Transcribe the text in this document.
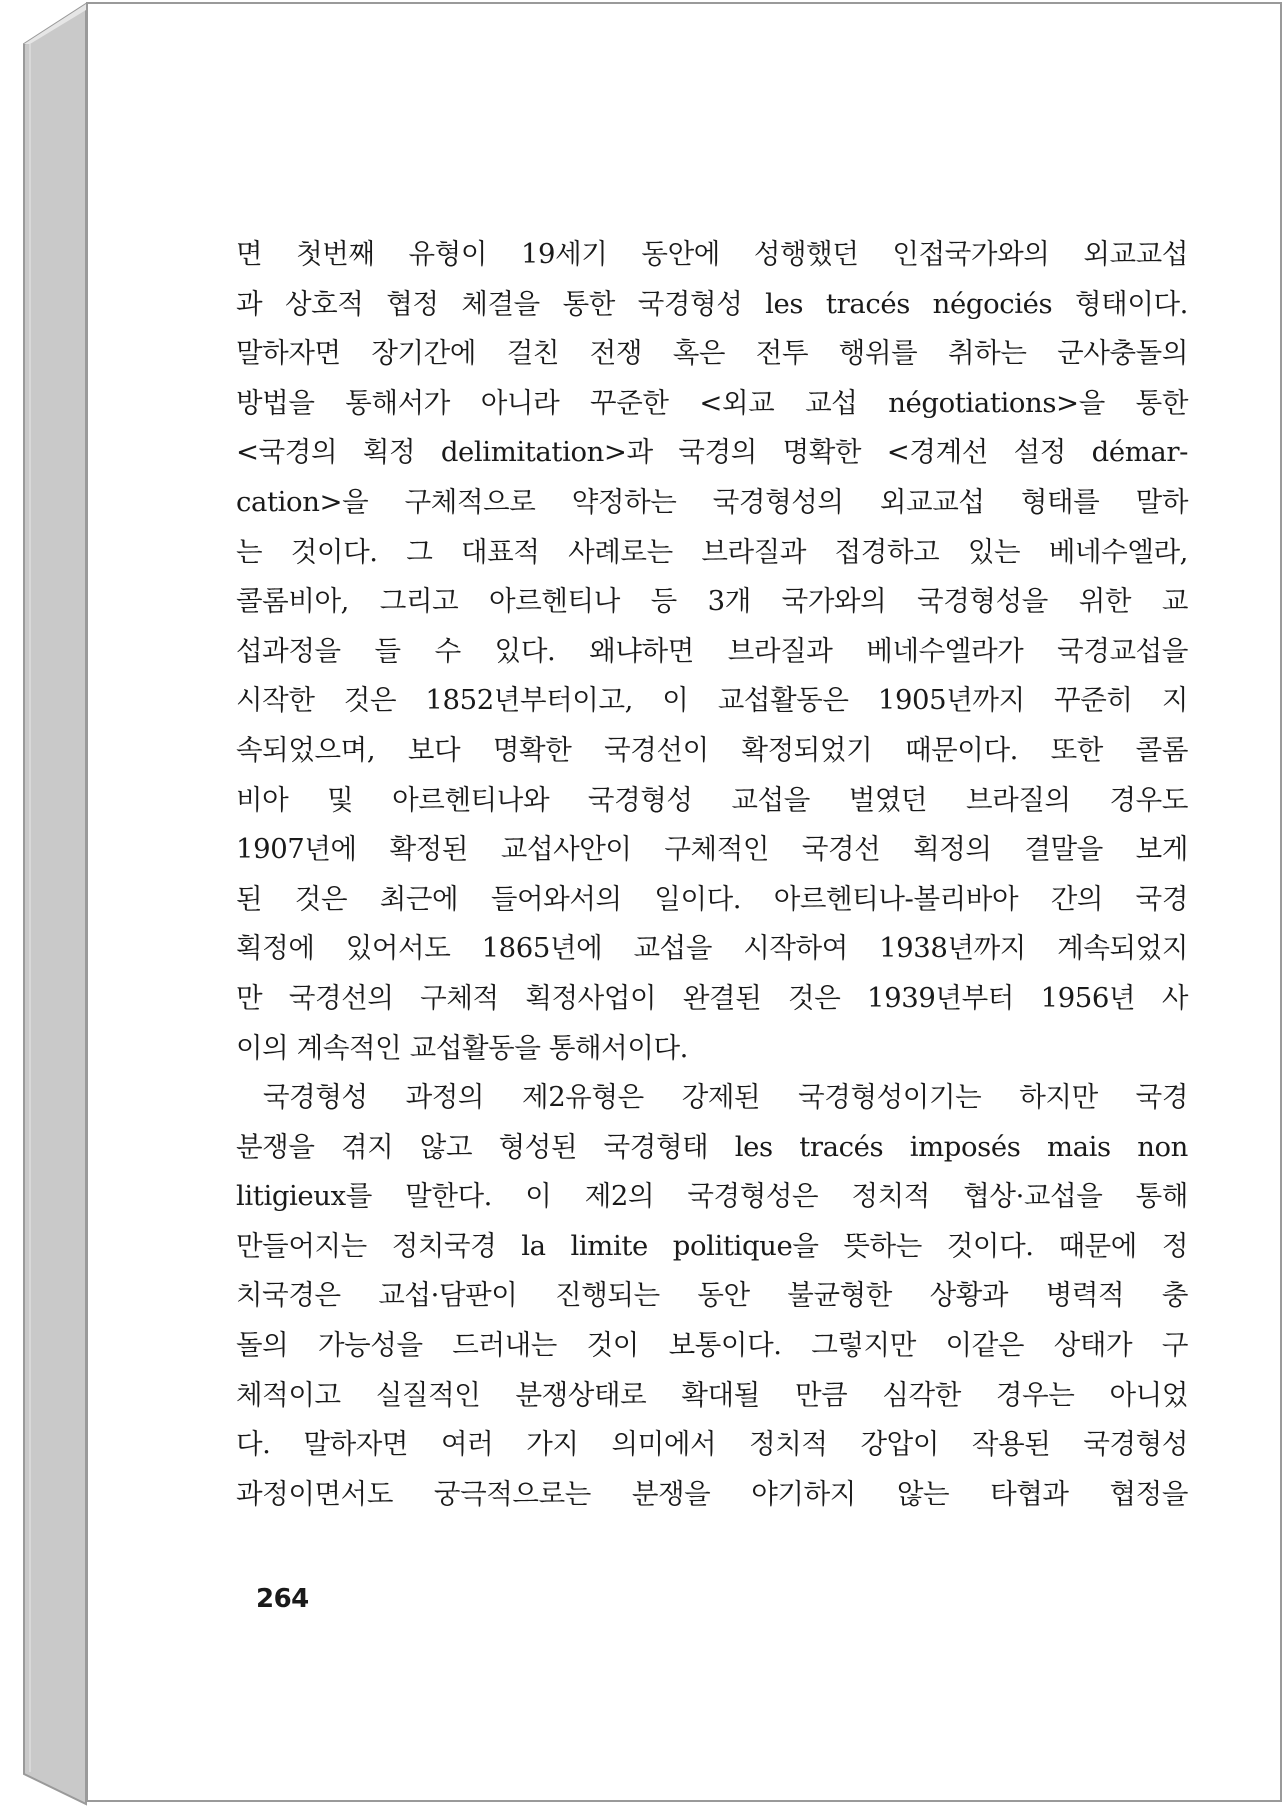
면 첫번째 유형이 19세기 동안에 성행했던 인접국가와의 외교교섭
과 상호적 협정 체결을 통한 국경형성 les tracés négociés 형태이다.
말하자면 장기간에 걸친 전쟁 혹은 전투 행위를 취하는 군사충돌의
방법을 통해서가 아니라 꾸준한 <외교 교섭 négotiations>을 통한
<국경의 획정 delimitation>과 국경의 명확한 <경계선 설정 démar-
cation>을 구체적으로 약정하는 국경형성의 외교교섭 형태를 말하
는 것이다. 그 대표적 사례로는 브라질과 접경하고 있는 베네수엘라,
콜롬비아, 그리고 아르헨티나 등 3개 국가와의 국경형성을 위한 교
섭과정을 들 수 있다. 왜냐하면 브라질과 베네수엘라가 국경교섭을
시작한 것은 1852년부터이고, 이 교섭활동은 1905년까지 꾸준히 지
속되었으며, 보다 명확한 국경선이 확정되었기 때문이다. 또한 콜롬
비아 및 아르헨티나와 국경형성 교섭을 벌였던 브라질의 경우도
1907년에 확정된 교섭사안이 구체적인 국경선 획정의 결말을 보게
된 것은 최근에 들어와서의 일이다. 아르헨티나-볼리바아 간의 국경
획정에 있어서도 1865년에 교섭을 시작하여 1938년까지 계속되었지
만 국경선의 구체적 획정사업이 완결된 것은 1939년부터 1956년 사
이의 계속적인 교섭활동을 통해서이다.
국경형성 과정의 제2유형은 강제된 국경형성이기는 하지만 국경
분쟁을 겪지 않고 형성된 국경형태 les tracés imposés mais non
litigieux를 말한다. 이 제2의 국경형성은 정치적 협상·교섭을 통해
만들어지는 정치국경 la limite politique을 뜻하는 것이다. 때문에 정
치국경은 교섭·담판이 진행되는 동안 불균형한 상황과 병력적 충
돌의 가능성을 드러내는 것이 보통이다. 그렇지만 이같은 상태가 구
체적이고 실질적인 분쟁상태로 확대될 만큼 심각한 경우는 아니었
다. 말하자면 여러 가지 의미에서 정치적 강압이 작용된 국경형성
과정이면서도 궁극적으로는 분쟁을 야기하지 않는 타협과 협정을
264
